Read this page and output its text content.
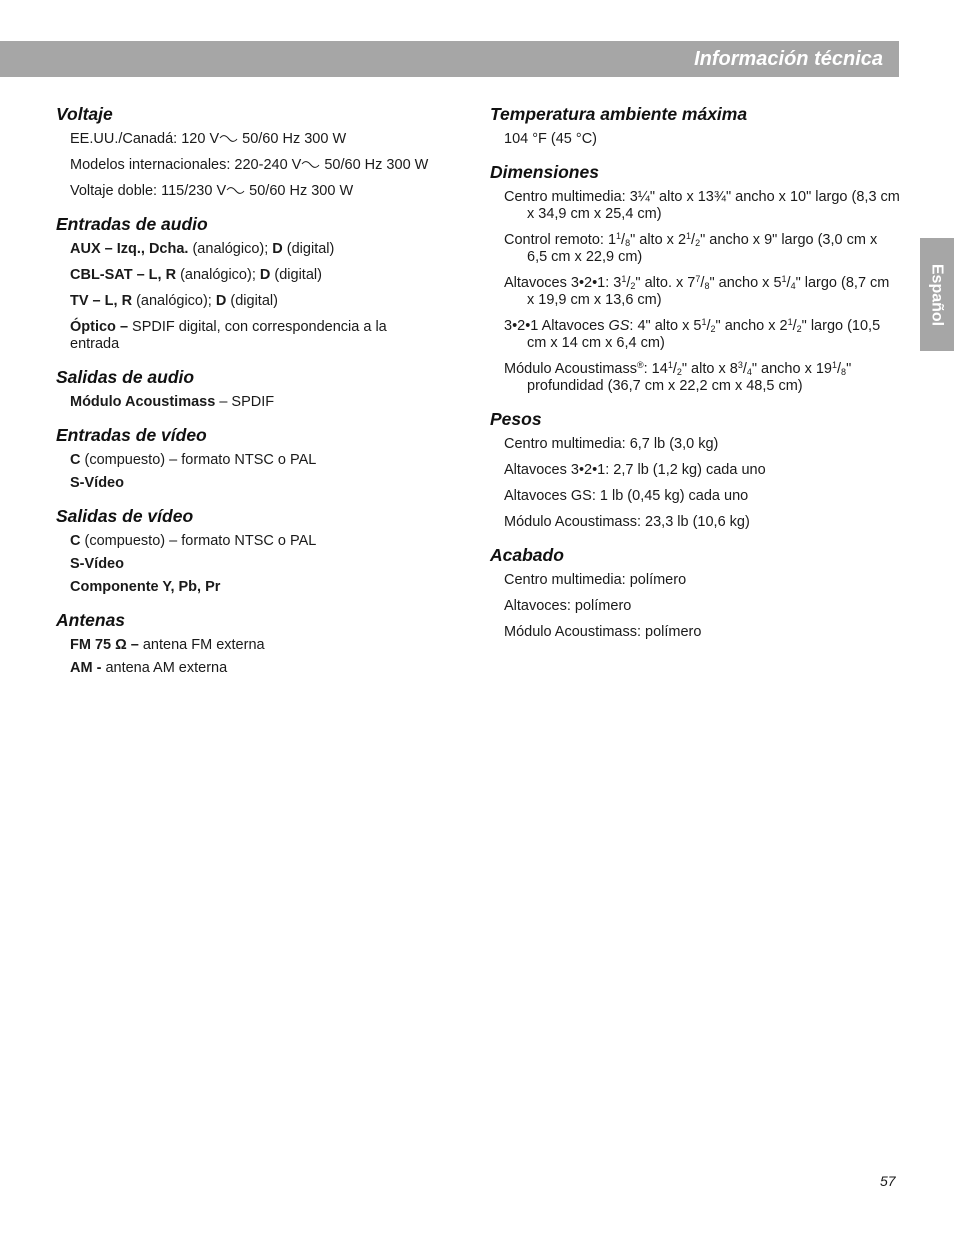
Información técnica
Español
Voltaje
EE.UU./Canadá: 120 V 50/60 Hz 300 W
Modelos internacionales: 220-240 V 50/60 Hz 300 W
Voltaje doble: 115/230 V 50/60 Hz 300 W
Entradas de audio
AUX – Izq., Dcha. (analógico); D (digital)
CBL-SAT – L, R (analógico); D (digital)
TV – L, R (analógico); D (digital)
Óptico – SPDIF digital, con correspondencia a la entrada
Salidas de audio
Módulo Acoustimass – SPDIF
Entradas de vídeo
C (compuesto) – formato NTSC o PAL
S-Vídeo
Salidas de vídeo
C (compuesto) – formato NTSC o PAL
S-Vídeo
Componente Y, Pb, Pr
Antenas
FM 75 Ω – antena FM externa
AM - antena AM externa
Temperatura ambiente máxima
104 °F (45 °C)
Dimensiones
Centro multimedia: 3¼" alto x 13¾" ancho x 10" largo (8,3 cm x 34,9 cm x 25,4 cm)
Control remoto: $1^1/_8$" alto x $2^1/_2$" ancho x 9" largo (3,0 cm x 6,5 cm x 22,9 cm)
Altavoces 3•2•1: $3^1/_2$" alto. x $7^7/_8$" ancho x $5^1/_4$" largo (8,7 cm x 19,9 cm x 13,6 cm)
3•2•1 Altavoces GS: 4" alto x $5^1/_2$" ancho x $2^1/_2$" largo (10,5 cm x 14 cm x 6,4 cm)
Módulo Acoustimass®: $14^1/_2$" alto x $8^3/_4$" ancho x $19^1/_8$" profundidad (36,7 cm x 22,2 cm x 48,5 cm)
Pesos
Centro multimedia: 6,7 lb (3,0 kg)
Altavoces 3•2•1: 2,7 lb (1,2 kg) cada uno
Altavoces GS: 1 lb (0,45 kg) cada uno
Módulo Acoustimass: 23,3 lb (10,6 kg)
Acabado
Centro multimedia: polímero
Altavoces: polímero
Módulo Acoustimass: polímero
57
